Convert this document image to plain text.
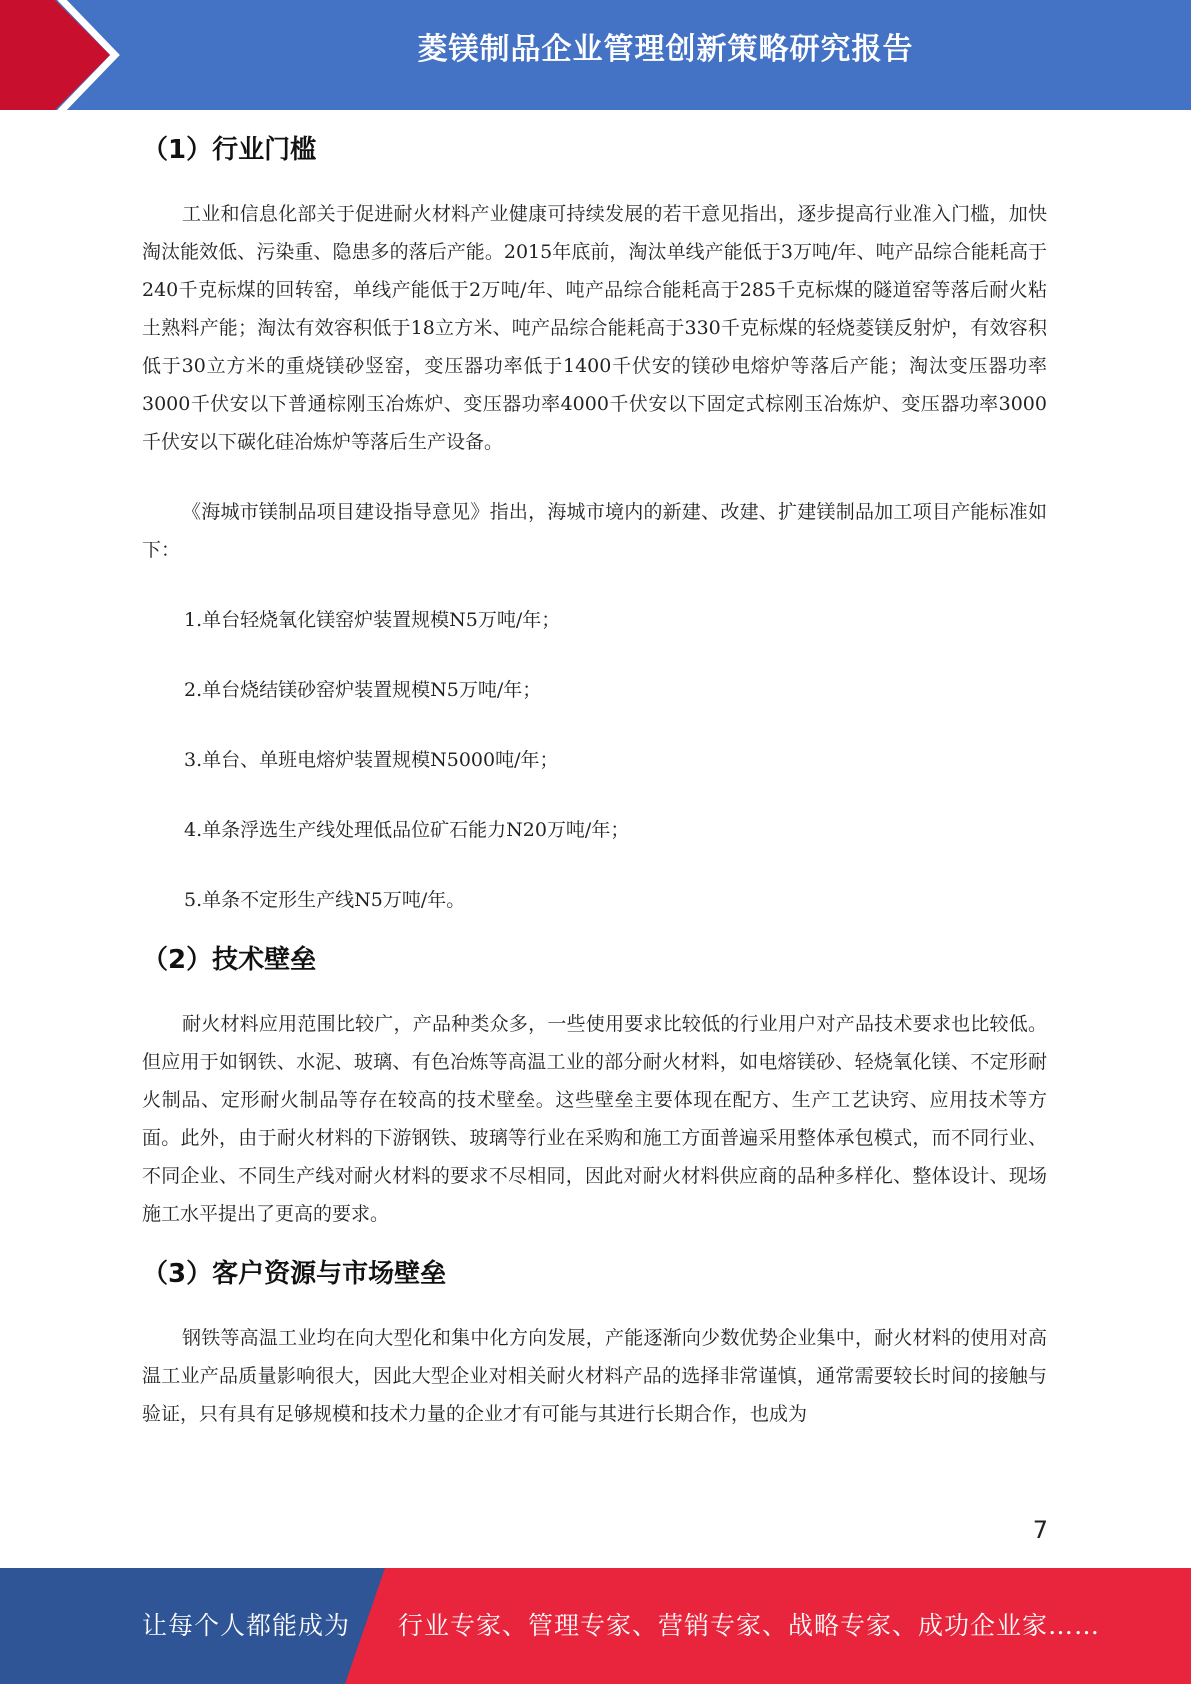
菱镁制品企业管理创新策略研究报告
（1）行业门槛

工业和信息化部关于促进耐火材料产业健康可持续发展的若干意见指出，逐步提高行业准入门槛，加快淘汰能效低、污染重、隐患多的落后产能。2015年底前，淘汰单线产能低于3万吨/年、吨产品综合能耗高于240千克标煤的回转窑，单线产能低于2万吨/年、吨产品综合能耗高于285千克标煤的隧道窑等落后耐火粘土熟料产能；淘汰有效容积低于18立方米、吨产品综合能耗高于330千克标煤的轻烧菱镁反射炉，有效容积低于30立方米的重烧镁砂竖窑，变压器功率低于1400千伏安的镁砂电熔炉等落后产能；淘汰变压器功率3000千伏安以下普通棕刚玉冶炼炉、变压器功率4000千伏安以下固定式棕刚玉冶炼炉、变压器功率3000千伏安以下碳化硅冶炼炉等落后生产设备。

《海城市镁制品项目建设指导意见》指出，海城市境内的新建、改建、扩建镁制品加工项目产能标准如下：

1.单台轻烧氧化镁窑炉装置规模N5万吨/年；

2.单台烧结镁砂窑炉装置规模N5万吨/年；

3.单台、单班电熔炉装置规模N5000吨/年；

4.单条浮选生产线处理低品位矿石能力N20万吨/年；

5.单条不定形生产线N5万吨/年。

（2）技术壁垒

耐火材料应用范围比较广，产品种类众多，一些使用要求比较低的行业用户对产品技术要求也比较低。但应用于如钢铁、水泥、玻璃、有色冶炼等高温工业的部分耐火材料，如电熔镁砂、轻烧氧化镁、不定形耐火制品、定形耐火制品等存在较高的技术壁垒。这些壁垒主要体现在配方、生产工艺诀窍、应用技术等方面。此外，由于耐火材料的下游钢铁、玻璃等行业在采购和施工方面普遍采用整体承包模式，而不同行业、不同企业、不同生产线对耐火材料的要求不尽相同，因此对耐火材料供应商的品种多样化、整体设计、现场施工水平提出了更高的要求。

（3）客户资源与市场壁垒

钢铁等高温工业均在向大型化和集中化方向发展，产能逐渐向少数优势企业集中，耐火材料的使用对高温工业产品质量影响很大，因此大型企业对相关耐火材料产品的选择非常谨慎，通常需要较长时间的接触与验证，只有具有足够规模和技术力量的企业才有可能与其进行长期合作，也成为

7
让每个人都能成为 行业专家、管理专家、营销专家、战略专家、成功企业家……
